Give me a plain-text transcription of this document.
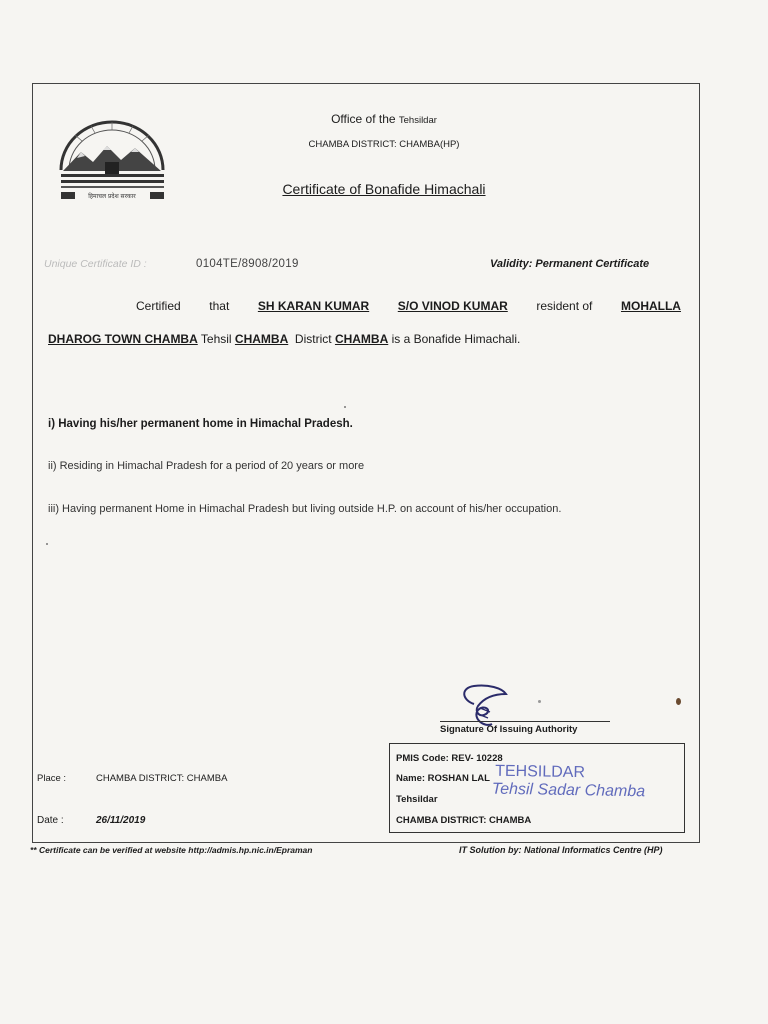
हिमाचल प्रदेश सरकार
Office of the Tehsildar
CHAMBA DISTRICT: CHAMBA(HP)
Certificate of Bonafide Himachali
Unique Certificate ID :	0104TE/8908/2019	Validity: Permanent Certificate
Certified that SH KARAN KUMAR S/O VINOD KUMAR resident of MOHALLA
DHAROG TOWN CHAMBA Tehsil CHAMBA District CHAMBA is a Bonafide Himachali.
i) Having his/her permanent home in Himachal Pradesh.
ii) Residing in Himachal Pradesh for a period of 20 years or more
iii) Having permanent Home in Himachal Pradesh but living outside H.P. on account of his/her occupation.
Signature Of Issuing Authority
Place :	CHAMBA DISTRICT: CHAMBA
Date :	26/11/2019
PMIS Code: REV- 10228
Name: ROSHAN LAL
Tehsildar
CHAMBA DISTRICT: CHAMBA
TEHSILDAR
Tehsil Sadar Chamba
** Certificate can be verified at website http://admis.hp.nic.in/Epraman	IT Solution by: National Informatics Centre (HP)
